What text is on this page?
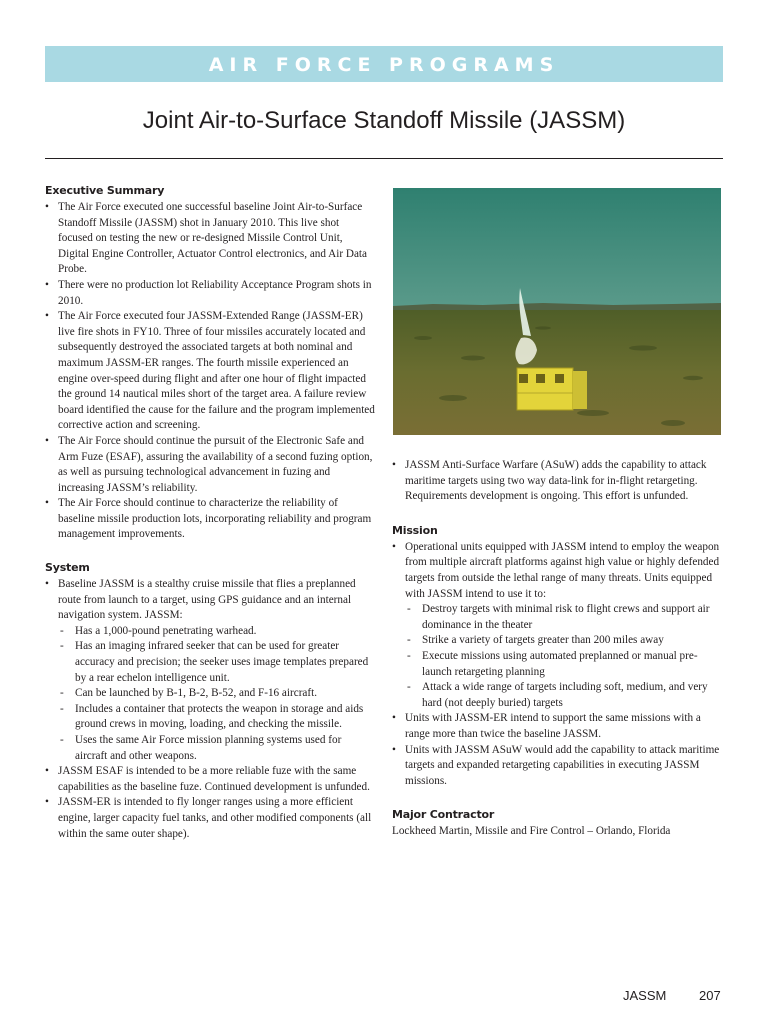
AIR FORCE PROGRAMS
Joint Air-to-Surface Standoff Missile (JASSM)
Executive Summary
• The Air Force executed one successful baseline Joint Air-to-Surface Standoff Missile (JASSM) shot in January 2010. This live shot focused on testing the new or re-designed Missile Control Unit, Digital Engine Controller, Actuator Control electronics, and Air Data Probe.
• There were no production lot Reliability Acceptance Program shots in 2010.
• The Air Force executed four JASSM-Extended Range (JASSM-ER) live fire shots in FY10. Three of four missiles accurately located and subsequently destroyed the associated targets at both nominal and maximum JASSM-ER ranges. The fourth missile experienced an engine over-speed during flight and after one hour of flight impacted the ground 14 nautical miles short of the target area. A failure review board identified the cause for the failure and the program implemented corrective action and screening.
• The Air Force should continue the pursuit of the Electronic Safe and Arm Fuze (ESAF), assuring the availability of a second fuzing option, as well as pursuing technological advancement in fuzing and increasing JASSM’s reliability.
• The Air Force should continue to characterize the reliability of baseline missile production lots, incorporating reliability and program management improvements.
System
• Baseline JASSM is a stealthy cruise missile that flies a preplanned route from launch to a target, using GPS guidance and an internal navigation system. JASSM:
- Has a 1,000-pound penetrating warhead.
- Has an imaging infrared seeker that can be used for greater accuracy and precision; the seeker uses image templates prepared by a rear echelon intelligence unit.
- Can be launched by B-1, B-2, B-52, and F-16 aircraft.
- Includes a container that protects the weapon in storage and aids ground crews in moving, loading, and checking the missile.
- Uses the same Air Force mission planning systems used for aircraft and other weapons.
• JASSM ESAF is intended to be a more reliable fuze with the same capabilities as the baseline fuze. Continued development is unfunded.
• JASSM-ER is intended to fly longer ranges using a more efficient engine, larger capacity fuel tanks, and other modified components (all within the same outer shape).
• JASSM Anti-Surface Warfare (ASuW) adds the capability to attack maritime targets using two way data-link for in-flight retargeting. Requirements development is ongoing. This effort is unfunded.
Mission
• Operational units equipped with JASSM intend to employ the weapon from multiple aircraft platforms against high value or highly defended targets from outside the lethal range of many threats. Units equipped with JASSM intend to use it to:
- Destroy targets with minimal risk to flight crews and support air dominance in the theater
- Strike a variety of targets greater than 200 miles away
- Execute missions using automated preplanned or manual pre-launch retargeting planning
- Attack a wide range of targets including soft, medium, and very hard (not deeply buried) targets
• Units with JASSM-ER intend to support the same missions with a range more than twice the baseline JASSM.
• Units with JASSM ASuW would add the capability to attack maritime targets and expanded retargeting capabilities in executing JASSM missions.
Major Contractor

Lockheed Martin, Missile and Fire Control – Orlando, Florida

JASSM	207
